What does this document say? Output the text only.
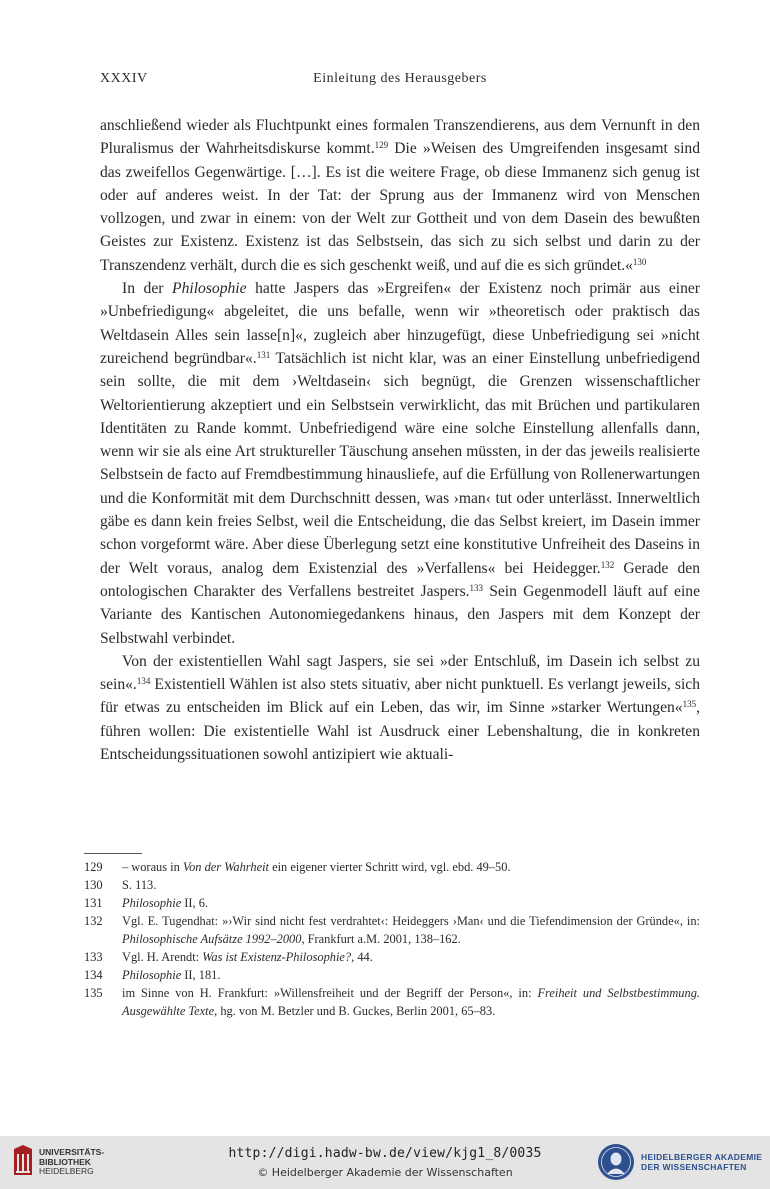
XXXIV	Einleitung des Herausgebers

anschließend wieder als Fluchtpunkt eines formalen Transzendierens, aus dem Vernunft in den Pluralismus der Wahrheitsdiskurse kommt.$^{129}$ Die »Weisen des Umgreifenden insgesamt sind das zweifellos Gegenwärtige. […]. Es ist die weitere Frage, ob diese Immanenz sich genug ist oder auf anderes weist. In der Tat: der Sprung aus der Immanenz wird von Menschen vollzogen, und zwar in einem: von der Welt zur Gottheit und von dem Dasein des bewußten Geistes zur Existenz. Existenz ist das Selbstsein, das sich zu sich selbst und darin zu der Transzendenz verhält, durch die es sich geschenkt weiß, und auf die es sich gründet.«$^{130}$

In der Philosophie hatte Jaspers das »Ergreifen« der Existenz noch primär aus einer »Unbefriedigung« abgeleitet, die uns befalle, wenn wir »theoretisch oder praktisch das Weltdasein Alles sein lasse[n]«, zugleich aber hinzugefügt, diese Unbefriedigung sei »nicht zureichend begründbar«.$^{131}$ Tatsächlich ist nicht klar, was an einer Einstellung unbefriedigend sein sollte, die mit dem ›Weltdasein‹ sich begnügt, die Grenzen wissenschaftlicher Weltorientierung akzeptiert und ein Selbstsein verwirklicht, das mit Brüchen und partikularen Identitäten zu Rande kommt. Unbefriedigend wäre eine solche Einstellung allenfalls dann, wenn wir sie als eine Art struktureller Täuschung ansehen müssten, in der das jeweils realisierte Selbstsein de facto auf Fremdbestimmung hinausliefe, auf die Erfüllung von Rollenerwartungen und die Konformität mit dem Durchschnitt dessen, was ›man‹ tut oder unterlässt. Innerweltlich gäbe es dann kein freies Selbst, weil die Entscheidung, die das Selbst kreiert, im Dasein immer schon vorgeformt wäre. Aber diese Überlegung setzt eine konstitutive Unfreiheit des Daseins in der Welt voraus, analog dem Existenzial des »Verfallens« bei Heidegger.$^{132}$ Gerade den ontologischen Charakter des Verfallens bestreitet Jaspers.$^{133}$ Sein Gegenmodell läuft auf eine Variante des Kantischen Autonomiegedankens hinaus, den Jaspers mit dem Konzept der Selbstwahl verbindet.

Von der existentiellen Wahl sagt Jaspers, sie sei »der Entschluß, im Dasein ich selbst zu sein«.$^{134}$ Existentiell Wählen ist also stets situativ, aber nicht punktuell. Es verlangt jeweils, sich für etwas zu entscheiden im Blick auf ein Leben, das wir, im Sinne »starker Wertungen«$^{135}$, führen wollen: Die existentielle Wahl ist Ausdruck einer Lebenshaltung, die in konkreten Entscheidungssituationen sowohl antizipiert wie aktuali-

129 – woraus in Von der Wahrheit ein eigener vierter Schritt wird, vgl. ebd. 49–50.
130 S. 113.
131 Philosophie II, 6.
132 Vgl. E. Tugendhat: »›Wir sind nicht fest verdrahtet‹: Heideggers ›Man‹ und die Tiefendimension der Gründe«, in: Philosophische Aufsätze 1992–2000, Frankfurt a.M. 2001, 138–162.
133 Vgl. H. Arendt: Was ist Existenz-Philosophie?, 44.
134 Philosophie II, 181.
135 im Sinne von H. Frankfurt: »Willensfreiheit und der Begriff der Person«, in: Freiheit und Selbstbestimmung. Ausgewählte Texte, hg. von M. Betzler und B. Guckes, Berlin 2001, 65–83.
UNIVERSITÄTS-
BIBLIOTHEK
HEIDELBERG
http://digi.hadw-bw.de/view/kjg1_8/0035
© Heidelberger Akademie der Wissenschaften
HEIDELBERGER AKADEMIE
DER WISSENSCHAFTEN
